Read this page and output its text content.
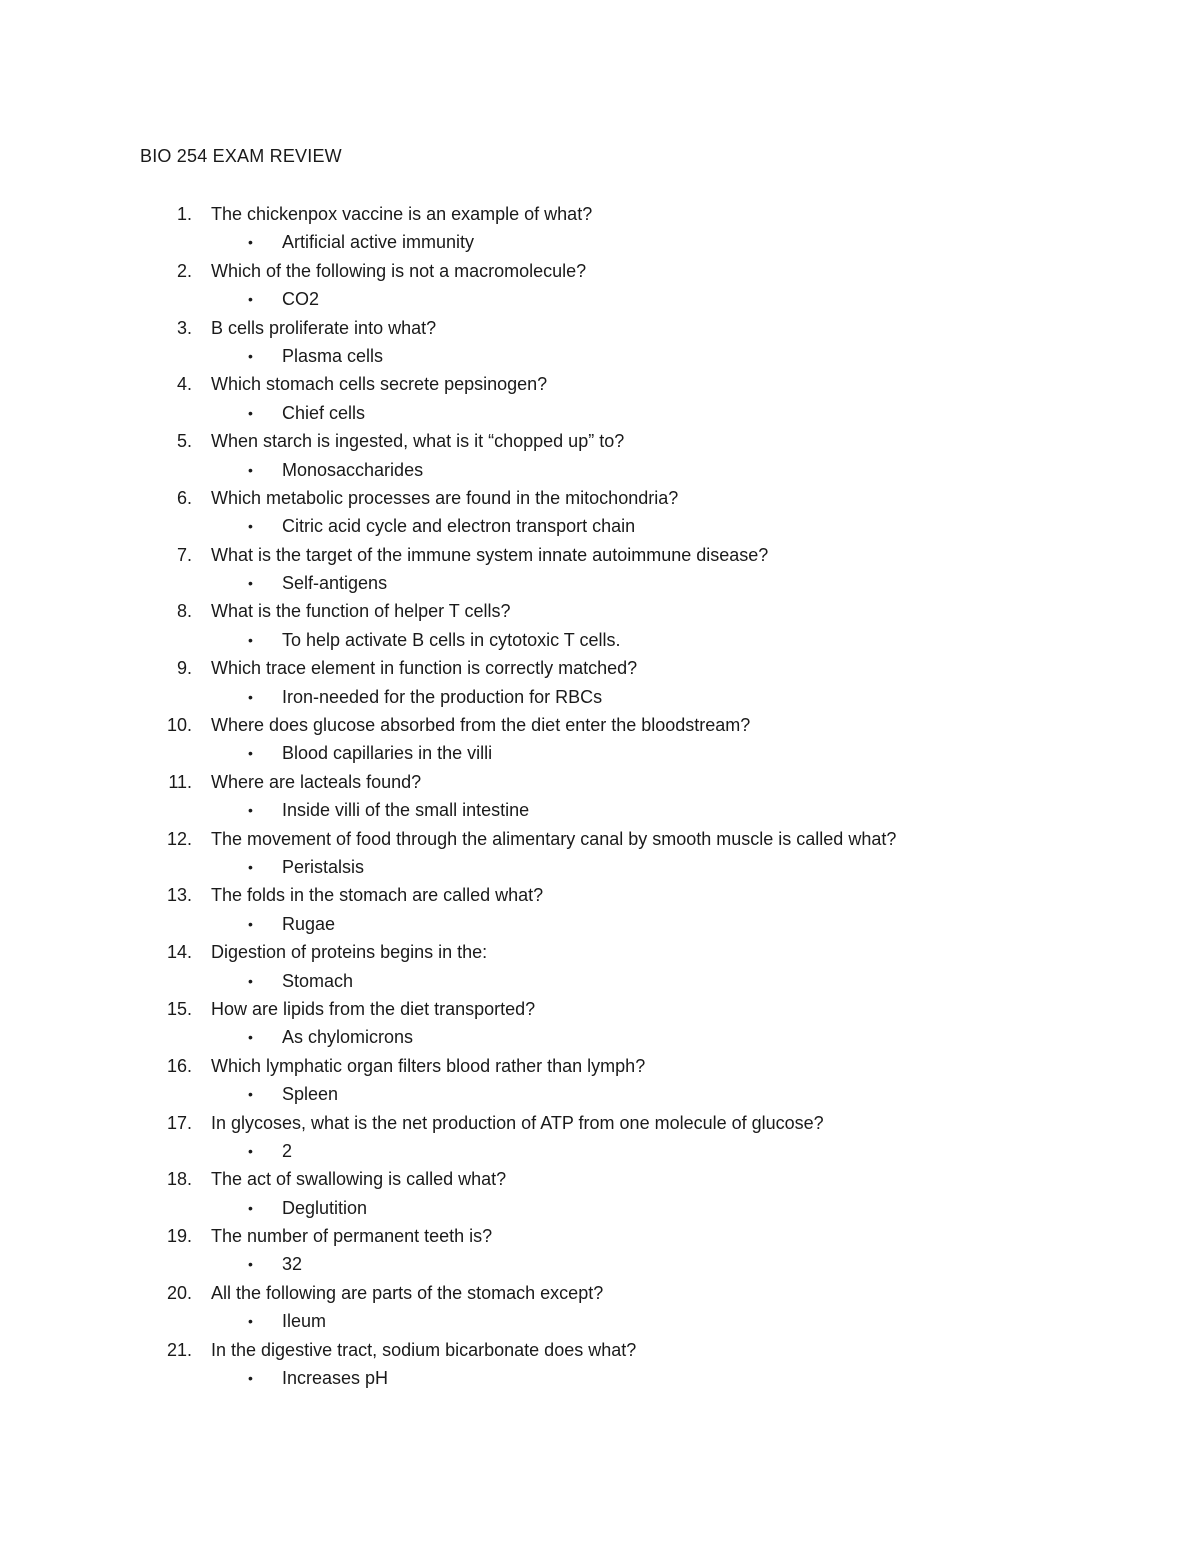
BIO 254 EXAM REVIEW
1. The chickenpox vaccine is an example of what?
• Artificial active immunity
2. Which of the following is not a macromolecule?
• CO2
3. B cells proliferate into what?
• Plasma cells
4. Which stomach cells secrete pepsinogen?
• Chief cells
5. When starch is ingested, what is it “chopped up” to?
• Monosaccharides
6. Which metabolic processes are found in the mitochondria?
• Citric acid cycle and electron transport chain
7. What is the target of the immune system innate autoimmune disease?
• Self-antigens
8. What is the function of helper T cells?
• To help activate B cells in cytotoxic T cells.
9. Which trace element in function is correctly matched?
• Iron-needed for the production for RBCs
10. Where does glucose absorbed from the diet enter the bloodstream?
• Blood capillaries in the villi
11. Where are lacteals found?
• Inside villi of the small intestine
12. The movement of food through the alimentary canal by smooth muscle is called what?
• Peristalsis
13. The folds in the stomach are called what?
• Rugae
14. Digestion of proteins begins in the:
• Stomach
15. How are lipids from the diet transported?
• As chylomicrons
16. Which lymphatic organ filters blood rather than lymph?
• Spleen
17. In glycoses, what is the net production of ATP from one molecule of glucose?
• 2
18. The act of swallowing is called what?
• Deglutition
19. The number of permanent teeth is?
• 32
20. All the following are parts of the stomach except?
• Ileum
21. In the digestive tract, sodium bicarbonate does what?
• Increases pH
